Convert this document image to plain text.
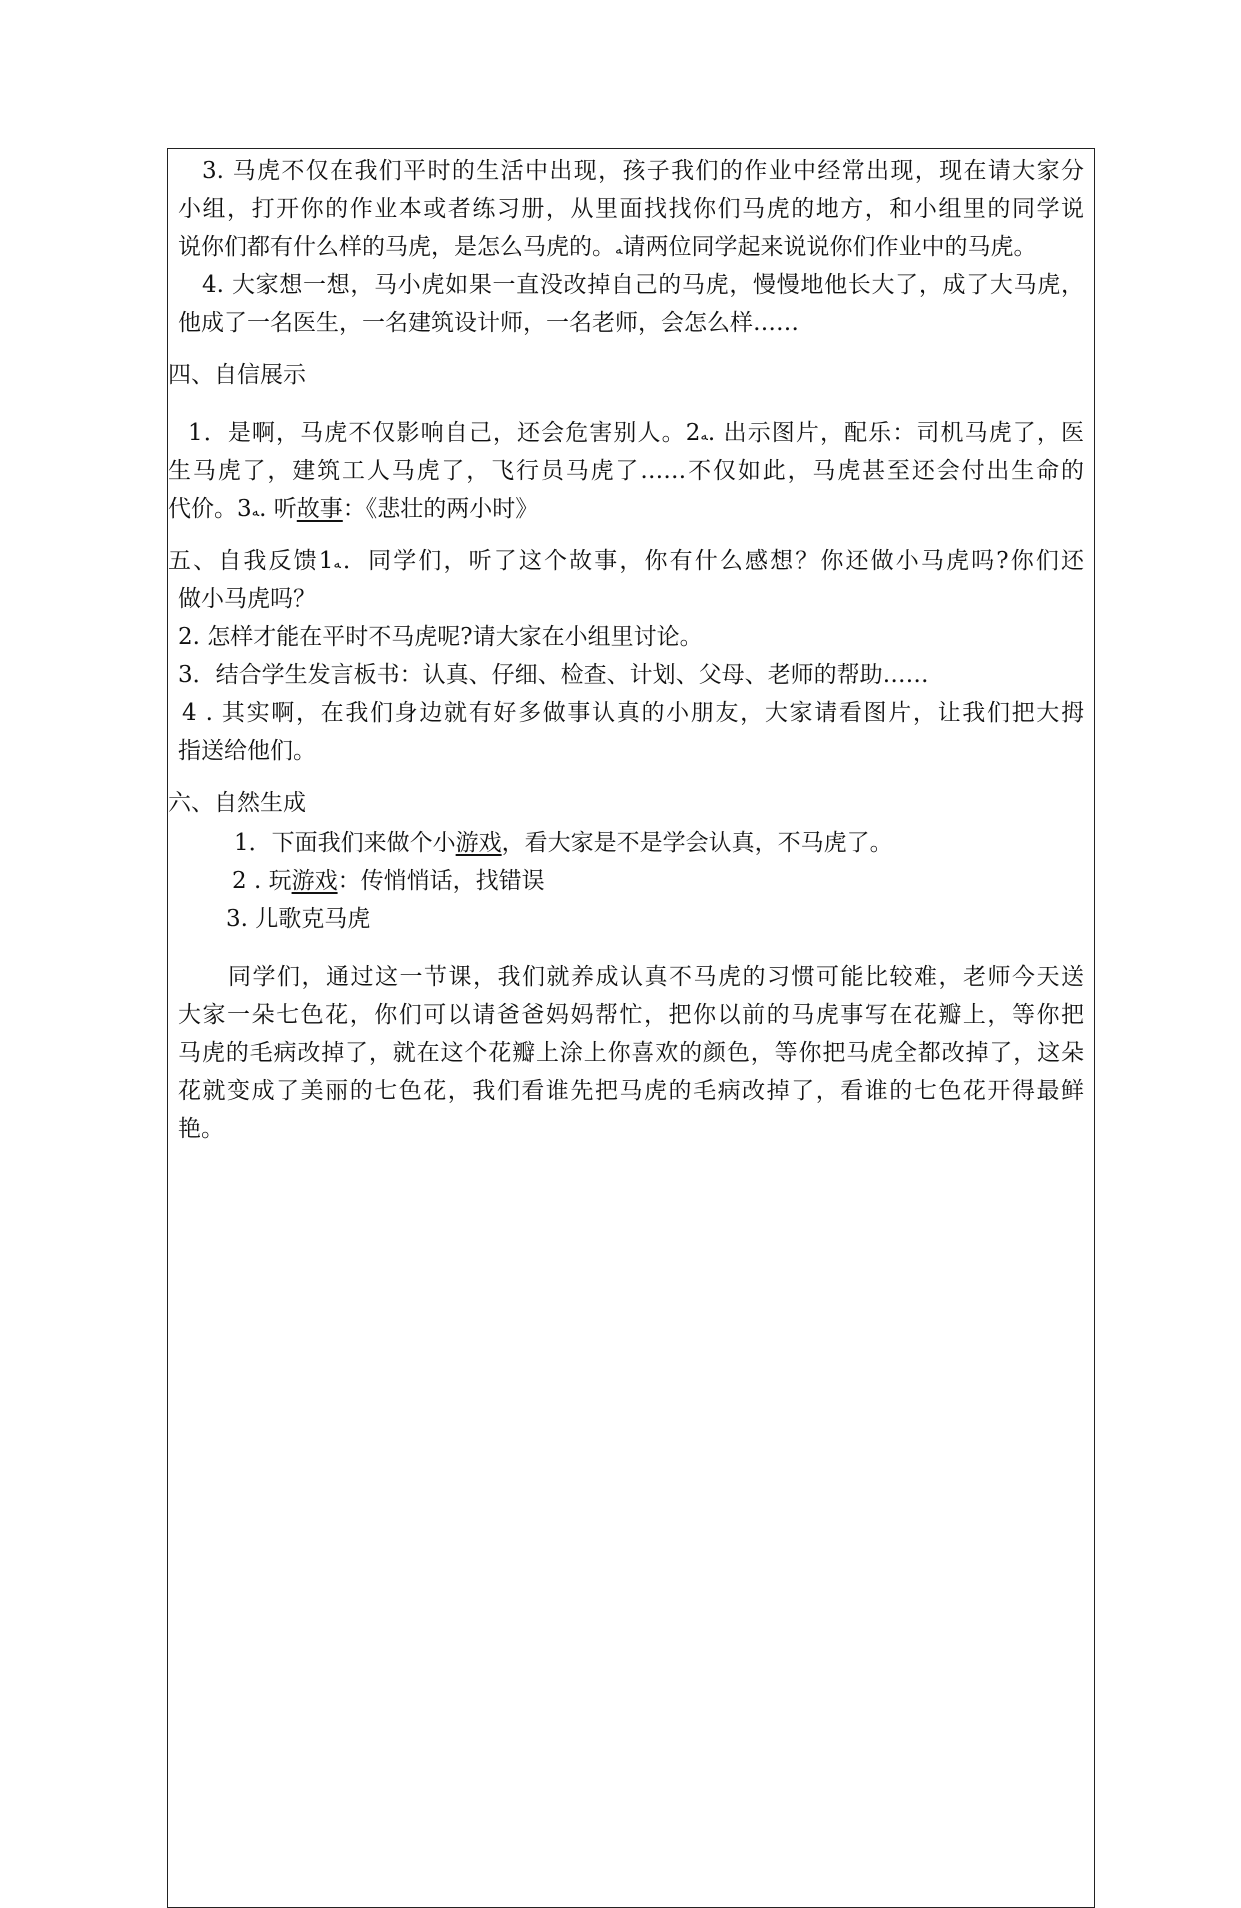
3. 马虎不仅在我们平时的生活中出现，孩子我们的作业中经常出现，现在请大家分
小组，打开你的作业本或者练习册，从里面找找你们马虎的地方，和小组里的同学说
说你们都有什么样的马虎，是怎么马虎的。ﻪ请两位同学起来说说你们作业中的马虎。
4. 大家想一想，马小虎如果一直没改掉自己的马虎，慢慢地他长大了，成了大马虎，
他成了一名医生，一名建筑设计师，一名老师，会怎么样……
四、自信展示
1．是啊，马虎不仅影响自己，还会危害别人。2ﻪ. 出示图片，配乐：司机马虎了，医
生马虎了，建筑工人马虎了，飞行员马虎了……不仅如此，马虎甚至还会付出生命的
代价。3ﻪ. 听故事：《悲壮的两小时》
五、自我反馈1ﻪ．同学们，听了这个故事，你有什么感想？你还做小马虎吗?你们还
做小马虎吗？
2. 怎样才能在平时不马虎呢?请大家在小组里讨论。
3．结合学生发言板书：认真、仔细、检查、计划、父母、老师的帮助……
4 . 其实啊，在我们身边就有好多做事认真的小朋友，大家请看图片，让我们把大拇
指送给他们。
六、自然生成
1．下面我们来做个小游戏，看大家是不是学会认真，不马虎了。
2 . 玩游戏：传悄悄话，找错误
3. 儿歌克马虎
同学们，通过这一节课，我们就养成认真不马虎的习惯可能比较难，老师今天送
大家一朵七色花，你们可以请爸爸妈妈帮忙，把你以前的马虎事写在花瓣上，等你把
马虎的毛病改掉了，就在这个花瓣上涂上你喜欢的颜色，等你把马虎全都改掉了，这朵
花就变成了美丽的七色花，我们看谁先把马虎的毛病改掉了，看谁的七色花开得最鲜
艳。
